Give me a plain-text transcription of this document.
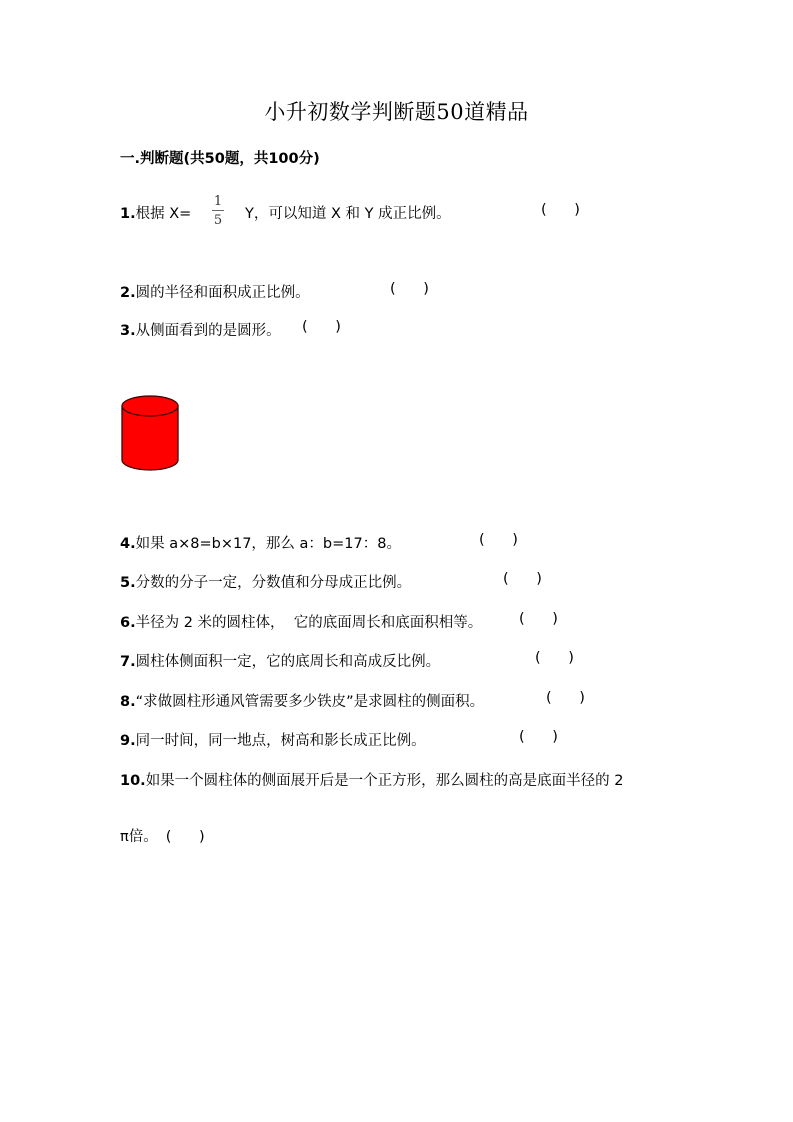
小升初数学判断题50道精品
一.判断题(共50题，共100分)
1.根据 X=
1
5	Y，可以知道 X 和 Y 成正比例。	(      )
2.圆的半径和面积成正比例。	(      )
3.从侧面看到的是圆形。 (      )
4.如果 a×8=b×17，那么 a：b=17：8。	(      )
5.分数的分子一定，分数值和分母成正比例。	(      )
6.半径为 2 米的圆柱体，  它的底面周长和底面积相等。	(      )
7.圆柱体侧面积一定，它的底周长和高成反比例。	(      )
8.“求做圆柱形通风管需要多少铁皮”是求圆柱的侧面积。	(      )
9.同一时间，同一地点，树高和影长成正比例。	(      )
10.如果一个圆柱体的侧面展开后是一个正方形，那么圆柱的高是底面半径的 2
π倍。 (      )
